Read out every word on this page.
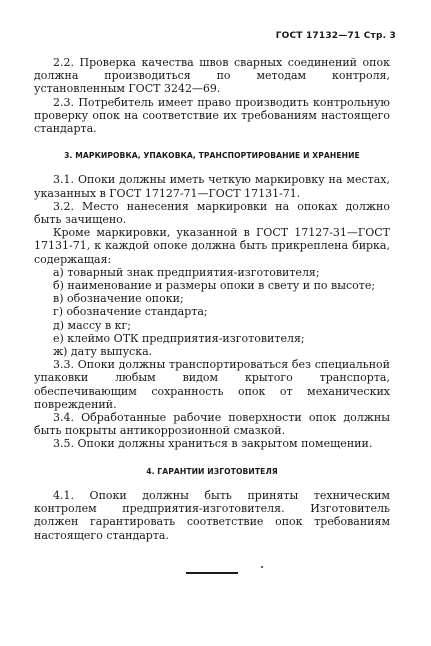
ГОСТ 17132—71 Стр. 3

2.2. Проверка качества швов сварных соединений опок должна производиться по методам контроля, установленным ГОСТ 3242—69.

2.3. Потребитель имеет право производить контрольную проверку опок на соответствие их требованиям настоящего стандарта.

3. МАРКИРОВКА, УПАКОВКА, ТРАНСПОРТИРОВАНИЕ И ХРАНЕНИЕ

3.1. Опоки должны иметь четкую маркировку на местах, указанных в ГОСТ 17127-71—ГОСТ 17131-71.

3.2. Место нанесения маркировки на опоках должно быть зачищено.

Кроме маркировки, указанной в ГОСТ 17127-31—ГОСТ 17131-71, к каждой опоке должна быть прикреплена бирка, содержащая:

а) товарный знак предприятия-изготовителя;
б) наименование и размеры опоки в свету и по высоте;
в) обозначение опоки;
г) обозначение стандарта;
д) массу в кг;
е) клеймо ОТК предприятия-изготовителя;
ж) дату выпуска.

3.3. Опоки должны транспортироваться без специальной упаковки любым видом крытого транспорта, обеспечивающим сохранность опок от механических повреждений.

3.4. Обработанные рабочие поверхности опок должны быть покрыты антикоррозионной смазкой.

3.5. Опоки должны храниться в закрытом помещении.

4. ГАРАНТИИ ИЗГОТОВИТЕЛЯ

4.1. Опоки должны быть приняты техническим контролем предприятия-изготовителя. Изготовитель должен гарантировать соответствие опок требованиям настоящего стандарта.
